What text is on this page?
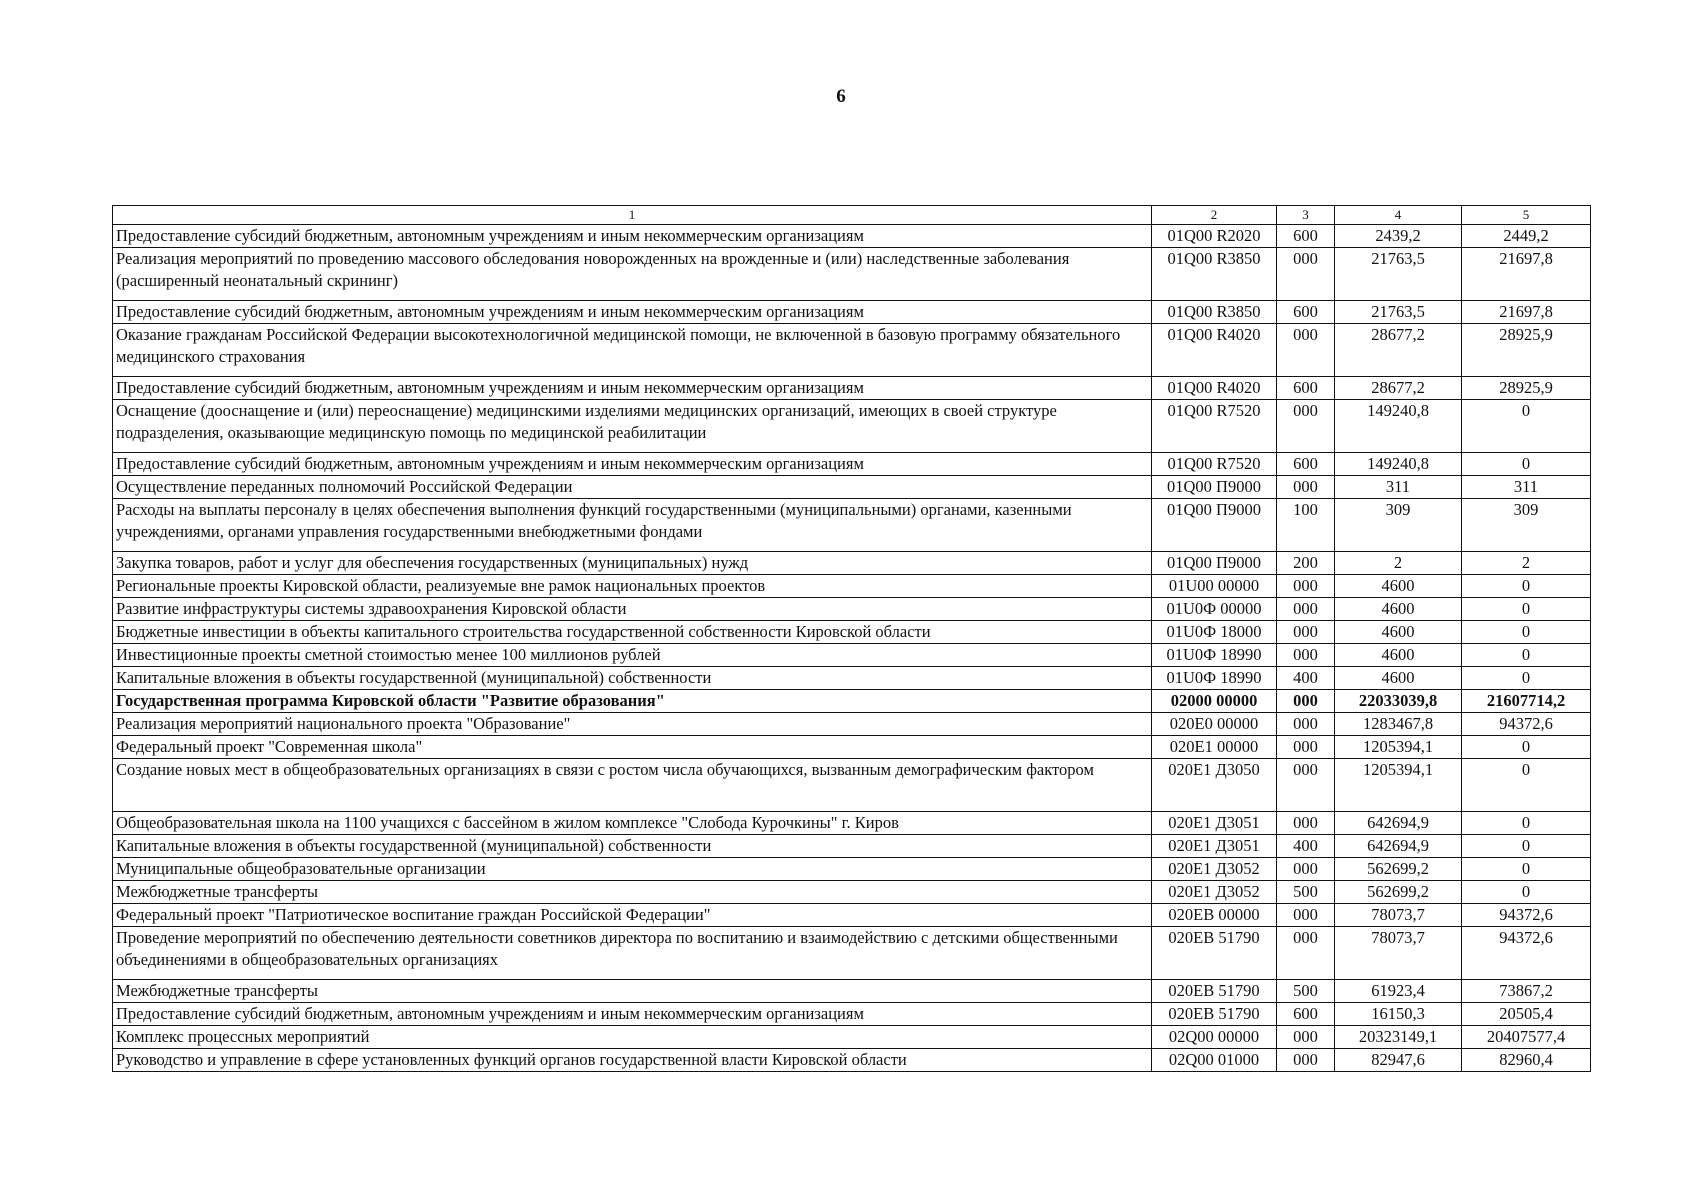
6
1	2	3	4	5
Предоставление субсидий бюджетным, автономным учреждениям и иным некоммерческим организациям	01Q00 R2020	600	2439,2	2449,2
Реализация мероприятий по проведению массового обследования новорожденных на врожденные и (или) наследственные заболевания (расширенный неонатальный скрининг)	01Q00 R3850	000	21763,5	21697,8
Предоставление субсидий бюджетным, автономным учреждениям и иным некоммерческим организациям	01Q00 R3850	600	21763,5	21697,8
Оказание гражданам Российской Федерации высокотехнологичной медицинской помощи, не включенной в базовую программу обязательного медицинского страхования	01Q00 R4020	000	28677,2	28925,9
Предоставление субсидий бюджетным, автономным учреждениям и иным некоммерческим организациям	01Q00 R4020	600	28677,2	28925,9
Оснащение (дооснащение и (или) переоснащение) медицинскими изделиями медицинских организаций, имеющих в своей структуре подразделения, оказывающие медицинскую помощь по медицинской реабилитации	01Q00 R7520	000	149240,8	0
Предоставление субсидий бюджетным, автономным учреждениям и иным некоммерческим организациям	01Q00 R7520	600	149240,8	0
Осуществление переданных полномочий Российской Федерации	01Q00 П9000	000	311	311
Расходы на выплаты персоналу в целях обеспечения выполнения функций государственными (муниципальными) органами, казенными учреждениями, органами управления государственными внебюджетными фондами	01Q00 П9000	100	309	309
Закупка товаров, работ и услуг для обеспечения государственных (муниципальных) нужд	01Q00 П9000	200	2	2
Региональные проекты Кировской области, реализуемые вне рамок национальных проектов	01U00 00000	000	4600	0
Развитие инфраструктуры системы здравоохранения Кировской области	01U0Ф 00000	000	4600	0
Бюджетные инвестиции в объекты капитального строительства государственной собственности Кировской области	01U0Ф 18000	000	4600	0
Инвестиционные проекты сметной стоимостью менее 100 миллионов рублей	01U0Ф 18990	000	4600	0
Капитальные вложения в объекты государственной (муниципальной) собственности	01U0Ф 18990	400	4600	0
Государственная программа Кировской области "Развитие образования"	02000 00000	000	22033039,8	21607714,2
Реализация мероприятий национального проекта "Образование"	020E0 00000	000	1283467,8	94372,6
Федеральный проект "Современная школа"	020E1 00000	000	1205394,1	0
Создание новых мест в общеобразовательных организациях в связи с ростом числа обучающихся, вызванным демографическим фактором	020E1 Д3050	000	1205394,1	0
Общеобразовательная школа на 1100 учащихся с бассейном в жилом комплексе "Слобода Курочкины" г. Киров	020E1 Д3051	000	642694,9	0
Капитальные вложения в объекты государственной (муниципальной) собственности	020E1 Д3051	400	642694,9	0
Муниципальные общеобразовательные организации	020E1 Д3052	000	562699,2	0
Межбюджетные трансферты	020E1 Д3052	500	562699,2	0
Федеральный проект "Патриотическое воспитание граждан Российской Федерации"	020EB 00000	000	78073,7	94372,6
Проведение мероприятий по обеспечению деятельности советников директора по воспитанию и взаимодействию с детскими общественными объединениями в общеобразовательных организациях	020EB 51790	000	78073,7	94372,6
Межбюджетные трансферты	020EB 51790	500	61923,4	73867,2
Предоставление субсидий бюджетным, автономным учреждениям и иным некоммерческим организациям	020EB 51790	600	16150,3	20505,4
Комплекс процессных мероприятий	02Q00 00000	000	20323149,1	20407577,4
Руководство и управление в сфере установленных функций органов государственной власти Кировской области	02Q00 01000	000	82947,6	82960,4
